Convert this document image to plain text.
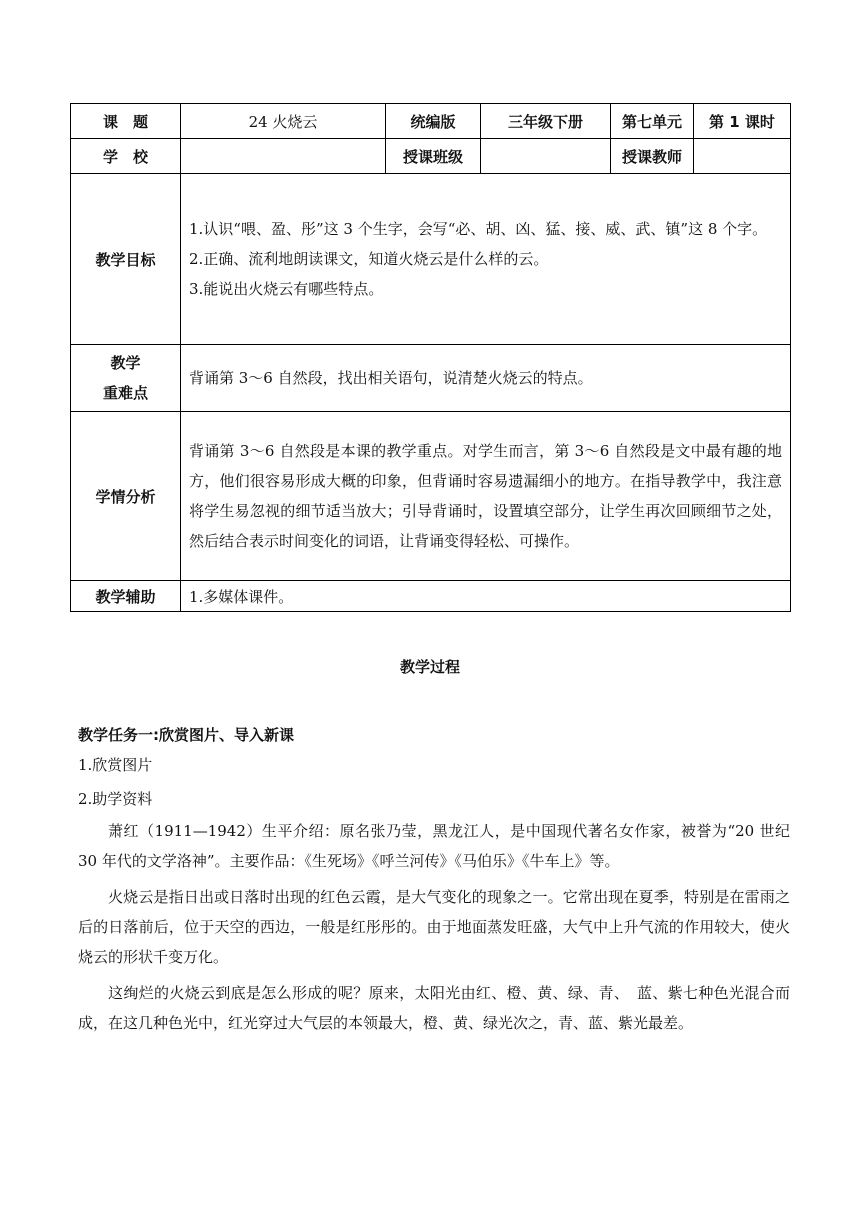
课　题	24 火烧云	统编版	三年级下册	第七单元	第 1 课时
学　校		授课班级		授课教师	
教学目标	1.认识“喂、盈、彤”这 3 个生字，会写“必、胡、凶、猛、接、威、武、镇”这 8 个字。

2.正确、流利地朗读课文，知道火烧云是什么样的云。

3.能说出火烧云有哪些特点。				

教学
重难点	背诵第 3～6 自然段，找出相关语句，说清楚火烧云的特点。				

学情分析	背诵第 3～6 自然段是本课的教学重点。对学生而言，第 3～6 自然段是文中最有趣的地方，他们很容易形成大概的印象，但背诵时容易遗漏细小的地方。在指导教学中，我注意将学生易忽视的细节适当放大；引导背诵时，设置填空部分，让学生再次回顾细节之处，然后结合表示时间变化的词语，让背诵变得轻松、可操作。				

教学辅助	1.多媒体课件。				
教学过程

教学任务一:欣赏图片、导入新课

1.欣赏图片

2.助学资料

萧红（1911—1942）生平介绍：原名张乃莹，黑龙江人，是中国现代著名女作家，被誉为“20 世纪 30 年代的文学洛神”。主要作品：《生死场》《呼兰河传》《马伯乐》《牛车上》等。

火烧云是指日出或日落时出现的红色云霞，是大气变化的现象之一。它常出现在夏季，特别是在雷雨之后的日落前后，位于天空的西边，一般是红彤彤的。由于地面蒸发旺盛，大气中上升气流的作用较大，使火烧云的形状千变万化。

这绚烂的火烧云到底是怎么形成的呢？原来，太阳光由红、橙、黄、绿、青、　蓝、紫七种色光混合而成，在这几种色光中，红光穿过大气层的本领最大，橙、黄、绿光次之，青、蓝、紫光最差。
